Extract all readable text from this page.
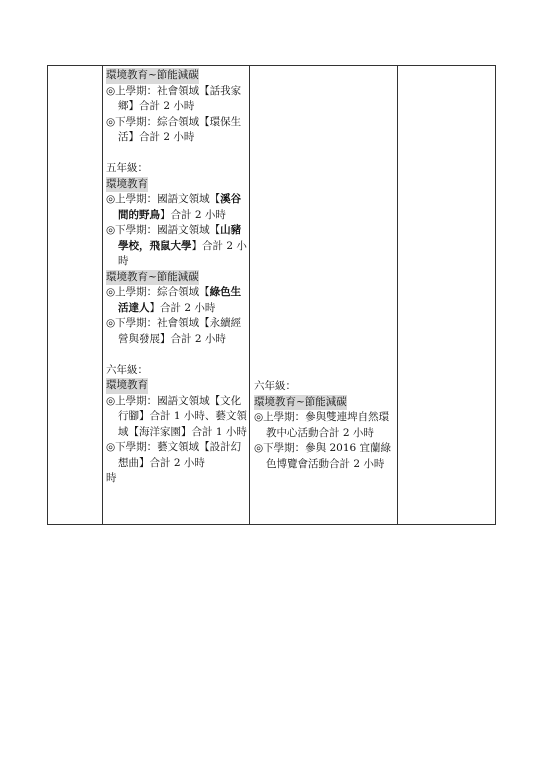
環境教育~節能減碳
◎上學期：社會領域【話我家鄉】合計 2 小時
◎下學期：綜合領域【環保生活】合計 2 小時
五年級：
環境教育
◎上學期：國語文領域【溪谷間的野鳥】合計 2 小時
◎下學期：國語文領域【山豬學校，飛鼠大學】合計 2 小時
環境教育~節能減碳
◎上學期：綜合領域【綠色生活達人】合計 2 小時
◎下學期：社會領域【永續經營與發展】合計 2 小時
六年級：
環境教育
◎上學期：國語文領域【文化行腳】合計 1 小時、藝文領域【海洋家園】合計 1 小時
◎下學期：藝文領域【設計幻想曲】合計 2 小時
時
六年級：
環境教育~節能減碳
◎上學期：參與雙連埤自然環教中心活動合計 2 小時
◎下學期：參與 2016 宜蘭綠色博覽會活動合計 2 小時
